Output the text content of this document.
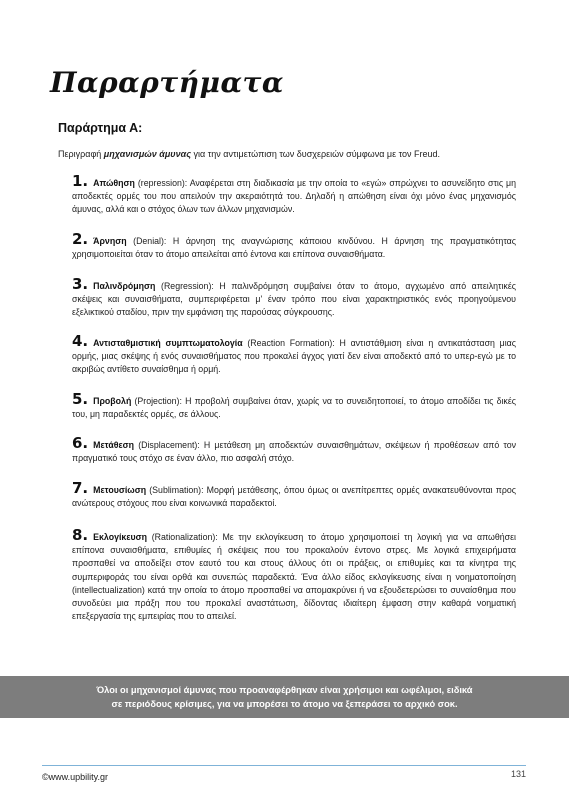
Παραρτήματα
Παράρτημα Α:
Περιγραφή μηχανισμών άμυνας για την αντιμετώπιση των δυσχερειών σύμφωνα με τον Freud.
1. Απώθηση (repression): Αναφέρεται στη διαδικασία με την οποία το «εγώ» σπρώχνει το ασυνείδητο στις μη αποδεκτές ορμές του που απειλούν την ακεραιότητά του. Δηλαδή η απώθηση είναι όχι μόνο ένας μηχανισμός άμυνας, αλλά και ο στόχος όλων των άλλων μηχανισμών.
2. Άρνηση (Denial): Η άρνηση της αναγνώρισης κάποιου κινδύνου. Η άρνηση της πραγματικότητας χρησιμοποιείται όταν το άτομο απειλείται από έντονα και επίπονα συναισθήματα.
3. Παλινδρόμηση (Regression): Η παλινδρόμηση συμβαίνει όταν το άτομο, αγχωμένο από απειλητικές σκέψεις και συναισθήματα, συμπεριφέρεται μ' έναν τρόπο που είναι χαρακτηριστικός ενός προηγούμενου εξελικτικού σταδίου, πριν την εμφάνιση της παρούσας σύγκρουσης.
4. Αντισταθμιστική συμπτωματολογία (Reaction Formation): Η αντιστάθμιση είναι η αντικατάσταση μιας ορμής, μιας σκέψης ή ενός συναισθήματος που προκαλεί άγχος γιατί δεν είναι αποδεκτό από το υπερ-εγώ με το ακριβώς αντίθετο συναίσθημα ή ορμή.
5. Προβολή (Projection): Η προβολή συμβαίνει όταν, χωρίς να το συνειδητοποιεί, το άτομο αποδίδει τις δικές του, μη παραδεκτές ορμές, σε άλλους.
6. Μετάθεση (Displacement): Η μετάθεση μη αποδεκτών συναισθημάτων, σκέψεων ή προθέσεων από τον πραγματικό τους στόχο σε έναν άλλο, πιο ασφαλή στόχο.
7. Μετουσίωση (Sublimation): Μορφή μετάθεσης, όπου όμως οι ανεπίτρεπτες ορμές ανακατευθύνονται προς ανώτερους στόχους που είναι κοινωνικά παραδεκτοί.
8. Εκλογίκευση (Rationalization): Με την εκλογίκευση το άτομο χρησιμοποιεί τη λογική για να απωθήσει επίπονα συναισθήματα, επιθυμίες ή σκέψεις που του προκαλούν έντονο στρες. Με λογικά επιχειρήματα προσπαθεί να αποδείξει στον εαυτό του και στους άλλους ότι οι πράξεις, οι επιθυμίες και τα κίνητρα της συμπεριφοράς του είναι ορθά και συνεπώς παραδεκτά. Ένα άλλο είδος εκλογίκευσης είναι η νοηματοποίηση (intellectualization) κατά την οποία το άτομο προσπαθεί να απομακρύνει ή να εξουδετερώσει το συναίσθημα που συνοδεύει μια πράξη που του προκαλεί αναστάτωση, δίδοντας ιδιαίτερη έμφαση στην καθαρά νοηματική επεξεργασία της εμπειρίας που το απειλεί.
Όλοι οι μηχανισμοί άμυνας που προαναφέρθηκαν είναι χρήσιμοι και ωφέλιμοι, ειδικά
σε περιόδους κρίσιμες, για να μπορέσει το άτομο να ξεπεράσει το αρχικό σοκ.
©www.upbility.gr	131
